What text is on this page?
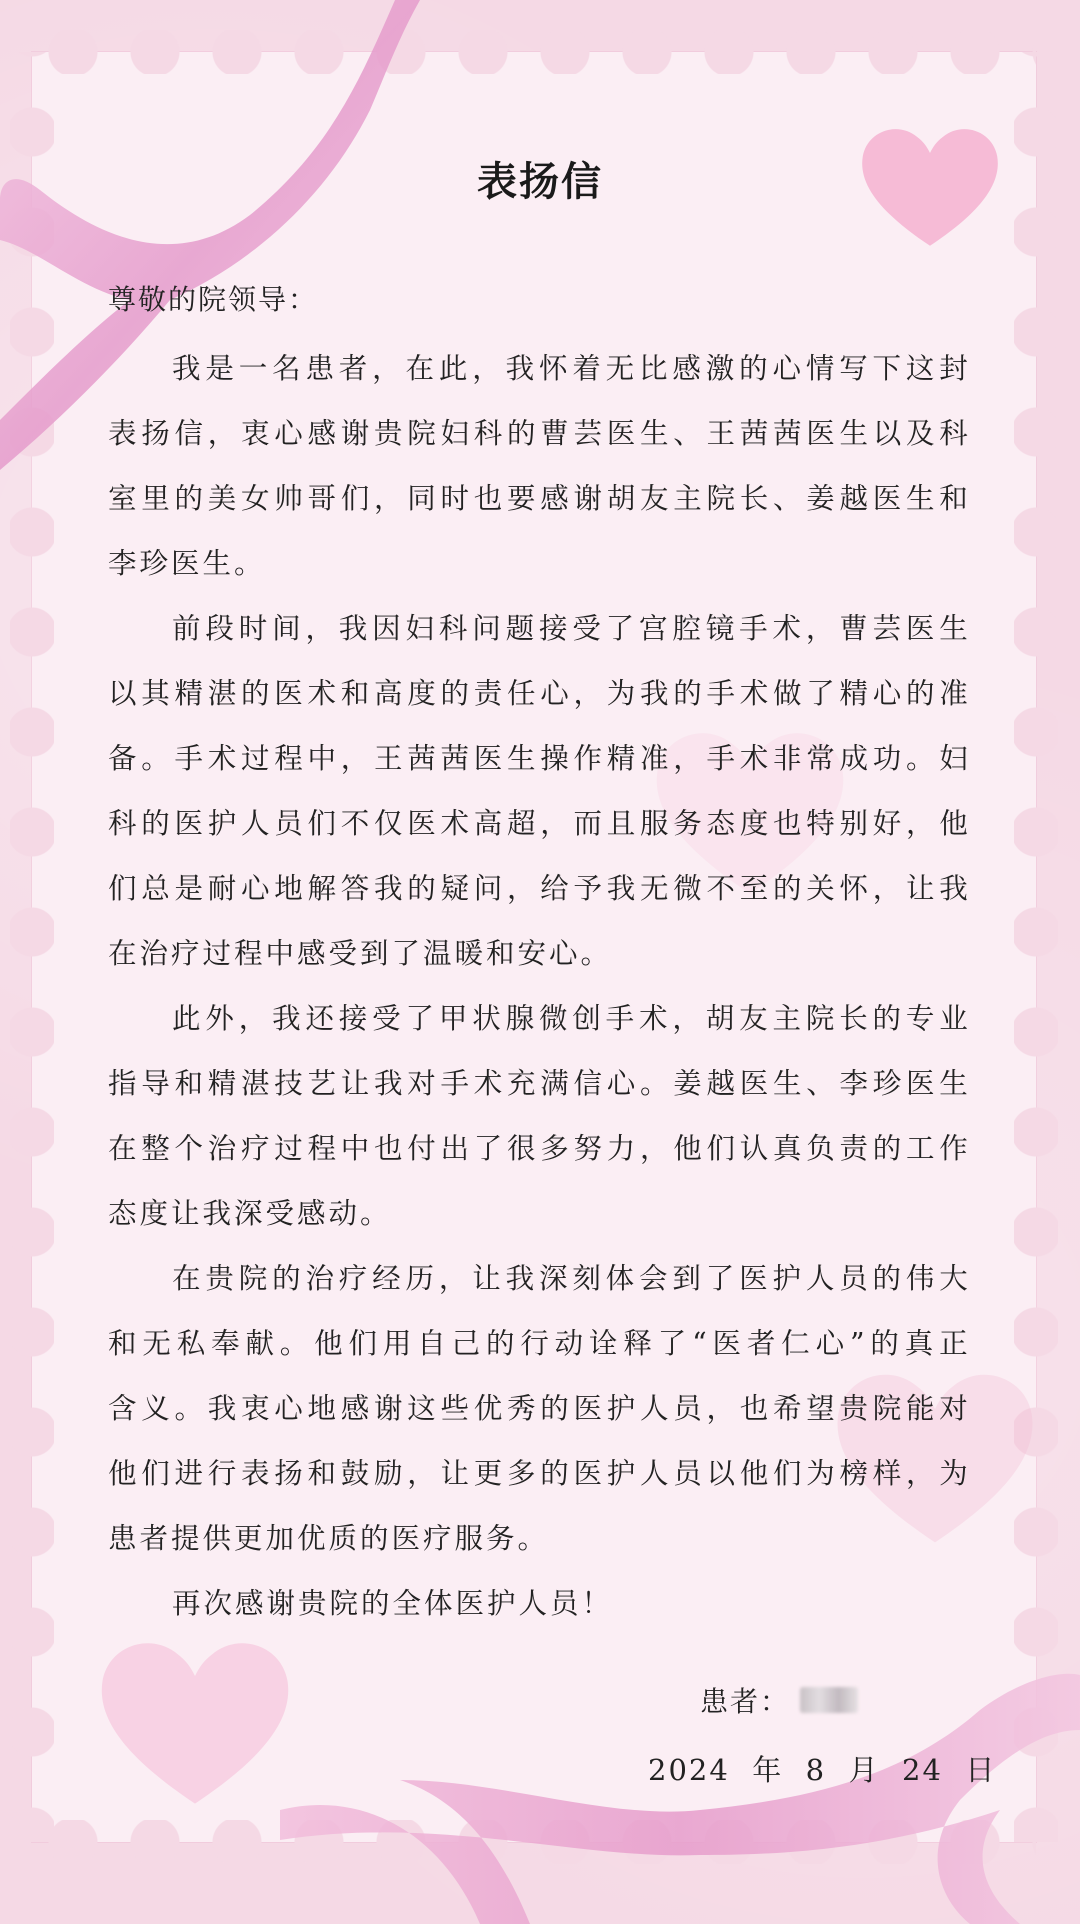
表扬信
尊敬的院领导：
我 是 一 名 患 者 ， 在 此 ， 我 怀 着 无 比 感 激 的 心 情 写 下 这 封
表 扬 信 ， 衷 心 感 谢 贵 院 妇 科 的 曹 芸 医 生 、 王 茜 茜 医 生 以 及 科
室 里 的 美 女 帅 哥 们 ， 同 时 也 要 感 谢 胡 友 主 院 长 、 姜 越 医 生 和
李珍医生。
前 段 时 间 ， 我 因 妇 科 问 题 接 受 了 宫 腔 镜 手 术 ， 曹 芸 医 生
以 其 精 湛 的 医 术 和 高 度 的 责 任 心 ， 为 我 的 手 术 做 了 精 心 的 准
备 。 手 术 过 程 中 ， 王 茜 茜 医 生 操 作 精 准 ， 手 术 非 常 成 功 。 妇
科 的 医 护 人 员 们 不 仅 医 术 高 超 ， 而 且 服 务 态 度 也 特 别 好 ， 他
们 总 是 耐 心 地 解 答 我 的 疑 问 ， 给 予 我 无 微 不 至 的 关 怀 ， 让 我
在治疗过程中感受到了温暖和安心。
此 外 ， 我 还 接 受 了 甲 状 腺 微 创 手 术 ， 胡 友 主 院 长 的 专 业
指 导 和 精 湛 技 艺 让 我 对 手 术 充 满 信 心 。 姜 越 医 生 、 李 珍 医 生
在 整 个 治 疗 过 程 中 也 付 出 了 很 多 努 力 ， 他 们 认 真 负 责 的 工 作
态度让我深受感动。
在 贵 院 的 治 疗 经 历 ， 让 我 深 刻 体 会 到 了 医 护 人 员 的 伟 大
和 无 私 奉 献 。 他 们 用 自 己 的 行 动 诠 释 了 “ 医 者 仁 心 ” 的 真 正
含 义 。 我 衷 心 地 感 谢 这 些 优 秀 的 医 护 人 员 ， 也 希 望 贵 院 能 对
他 们 进 行 表 扬 和 鼓 励 ， 让 更 多 的 医 护 人 员 以 他 们 为 榜 样 ， 为
患者提供更加优质的医疗服务。
再次感谢贵院的全体医护人员！
患者：
2024  年  8  月  24  日
